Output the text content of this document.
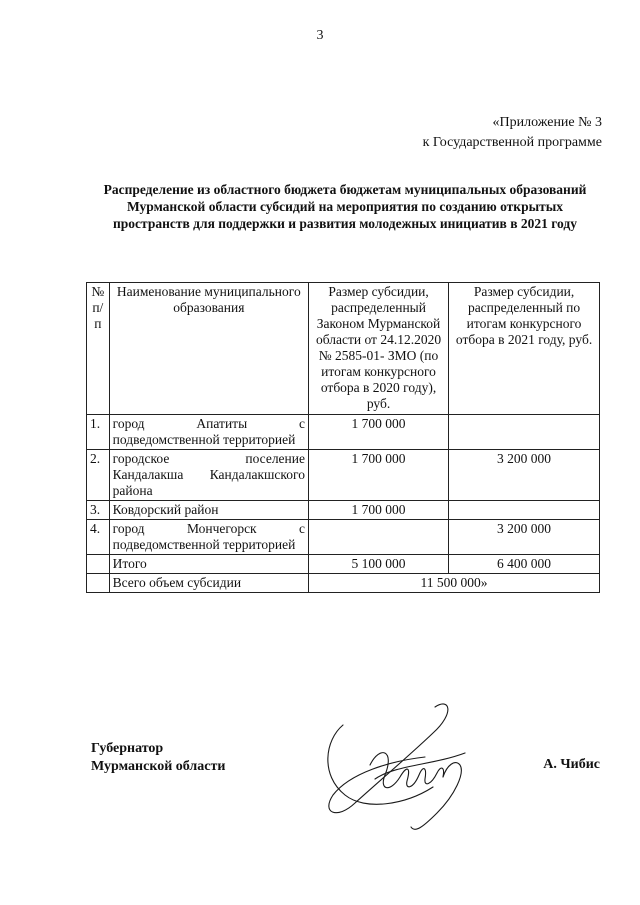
3
«Приложение № 3
к Государственной программе
Распределение из областного бюджета бюджетам муниципальных образований Мурманской области субсидий на мероприятия по созданию открытых пространств для поддержки и развития молодежных инициатив в 2021 году
№ п/п	Наименование муниципального образования	Размер субсидии, распределенный Законом Мурманской области от 24.12.2020 № 2585-01- ЗМО (по итогам конкурсного отбора в 2020 году), руб.	Размер субсидии, распределенный по итогам конкурсного отбора в 2021 году, руб.
1.	город Апатиты с подведомственной территорией	1 700 000	
2.	городское поселение Кандалакша Кандалакшского района	1 700 000	3 200 000
3.	Ковдорский район	1 700 000	
4.	город Мончегорск с подведомственной территорией		3 200 000
	Итого	5 100 000	6 400 000
	Всего объем субсидии	11 500 000»	
Губернатор
Мурманской области	А. Чибис
